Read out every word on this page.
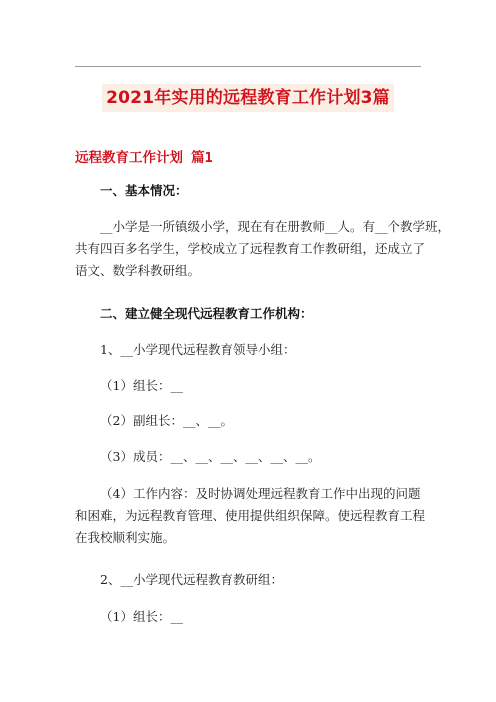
2021年实用的远程教育工作计划3篇
远程教育工作计划 篇1
一、基本情况：
__小学是一所镇级小学，现在有在册教师__人。有__个教学班，
共有四百多名学生，学校成立了远程教育工作教研组，还成立了
语文、数学科教研组。
二、建立健全现代远程教育工作机构：
1、__小学现代远程教育领导小组：
（1）组长：__
（2）副组长：__、__。
（3）成员：__、__、__、__、__、__。
（4）工作内容：及时协调处理远程教育工作中出现的问题
和困难，为远程教育管理、使用提供组织保障。使远程教育工程
在我校顺利实施。
2、__小学现代远程教育教研组：
（1）组长：__
